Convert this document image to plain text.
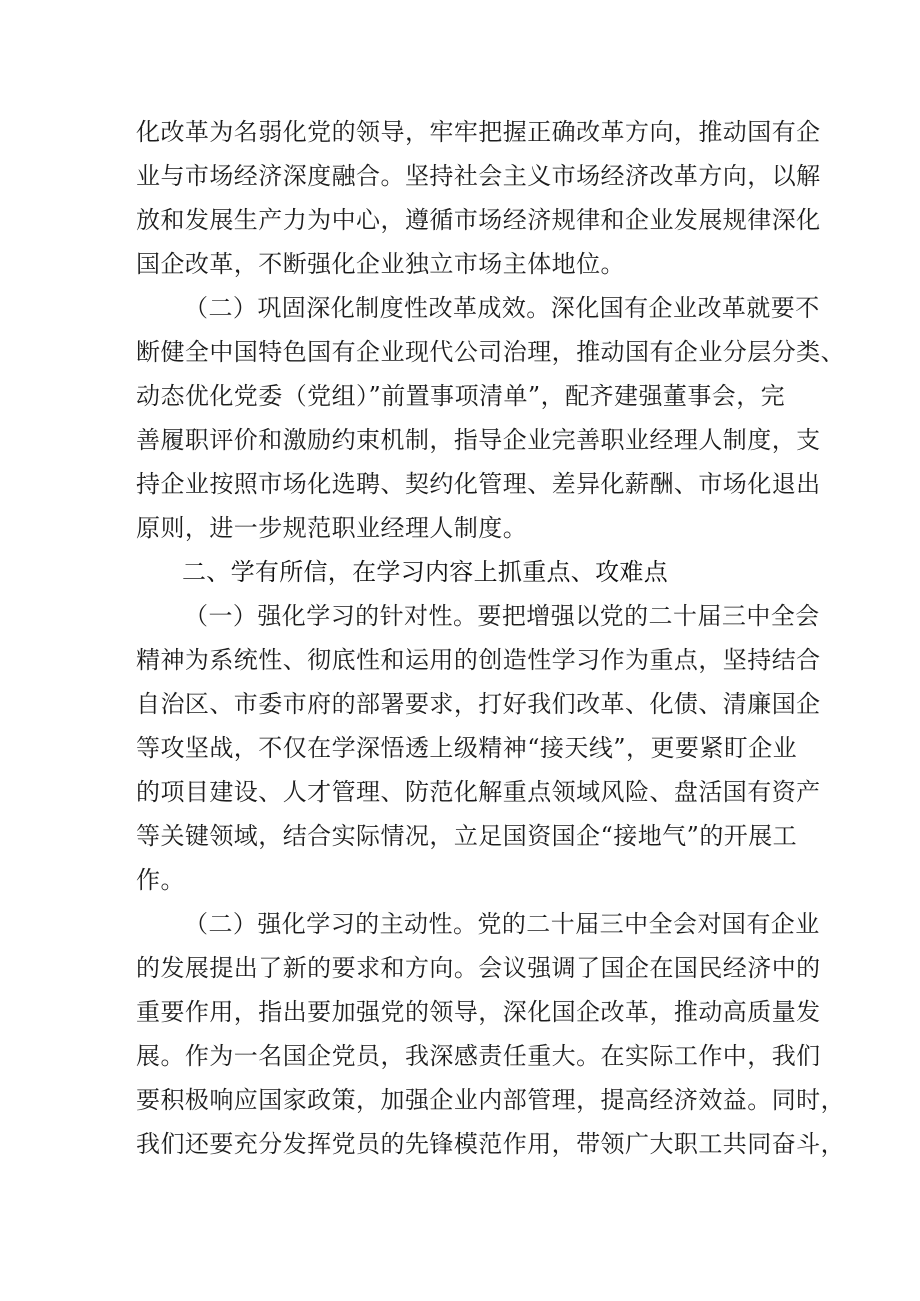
化改革为名弱化党的领导，牢牢把握正确改革方向，推动国有企
业与市场经济深度融合。坚持社会主义市场经济改革方向，以解
放和发展生产力为中心，遵循市场经济规律和企业发展规律深化
国企改革，不断强化企业独立市场主体地位。
（二）巩固深化制度性改革成效。深化国有企业改革就要不
断健全中国特色国有企业现代公司治理，推动国有企业分层分类、
动态优化党委（党组）”前置事项清单”，配齐建强董事会，完
善履职评价和激励约束机制，指导企业完善职业经理人制度，支
持企业按照市场化选聘、契约化管理、差异化薪酬、市场化退出
原则，进一步规范职业经理人制度。
二、学有所信，在学习内容上抓重点、攻难点
（一）强化学习的针对性。要把增强以党的二十届三中全会
精神为系统性、彻底性和运用的创造性学习作为重点，坚持结合
自治区、市委市府的部署要求，打好我们改革、化债、清廉国企
等攻坚战，不仅在学深悟透上级精神“接天线”，更要紧盯企业
的项目建设、人才管理、防范化解重点领域风险、盘活国有资产
等关键领域，结合实际情况，立足国资国企“接地气”的开展工
作。
（二）强化学习的主动性。党的二十届三中全会对国有企业
的发展提出了新的要求和方向。会议强调了国企在国民经济中的
重要作用，指出要加强党的领导，深化国企改革，推动高质量发
展。作为一名国企党员，我深感责任重大。在实际工作中，我们
要积极响应国家政策，加强企业内部管理，提高经济效益。同时，
我们还要充分发挥党员的先锋模范作用，带领广大职工共同奋斗，
